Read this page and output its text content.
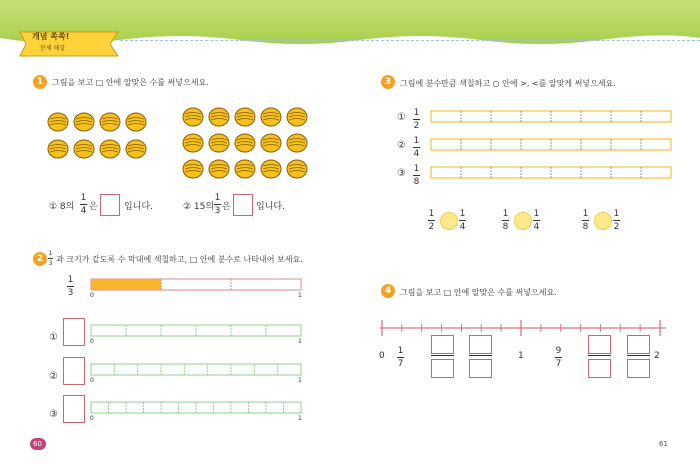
개념 쏙쏙!
문제 해결
1	그림을 보고 □ 안에 알맞은 수를 써넣으세요.
① 8의
1
4 은	입니다.	② 15의
1
3 은	입니다.
2
1
3 과 크기가 같도록 수 막대에 색칠하고, □ 안에 분수로 나타내어 보세요.
1
3	0	1
①	0	1
②	0	1
③	0	1
3	그림에 분수만큼 색칠하고 ○ 안에 >, <를 알맞게 써넣으세요.
① 1
2
② 1
4
③ 1
8
1
2
1
4
1
8
1
4
1
8
1
2
4	그림을 보고 □ 안에 알맞은 수를 써넣으세요.
0 1
7
1	9
7
2
60	61
